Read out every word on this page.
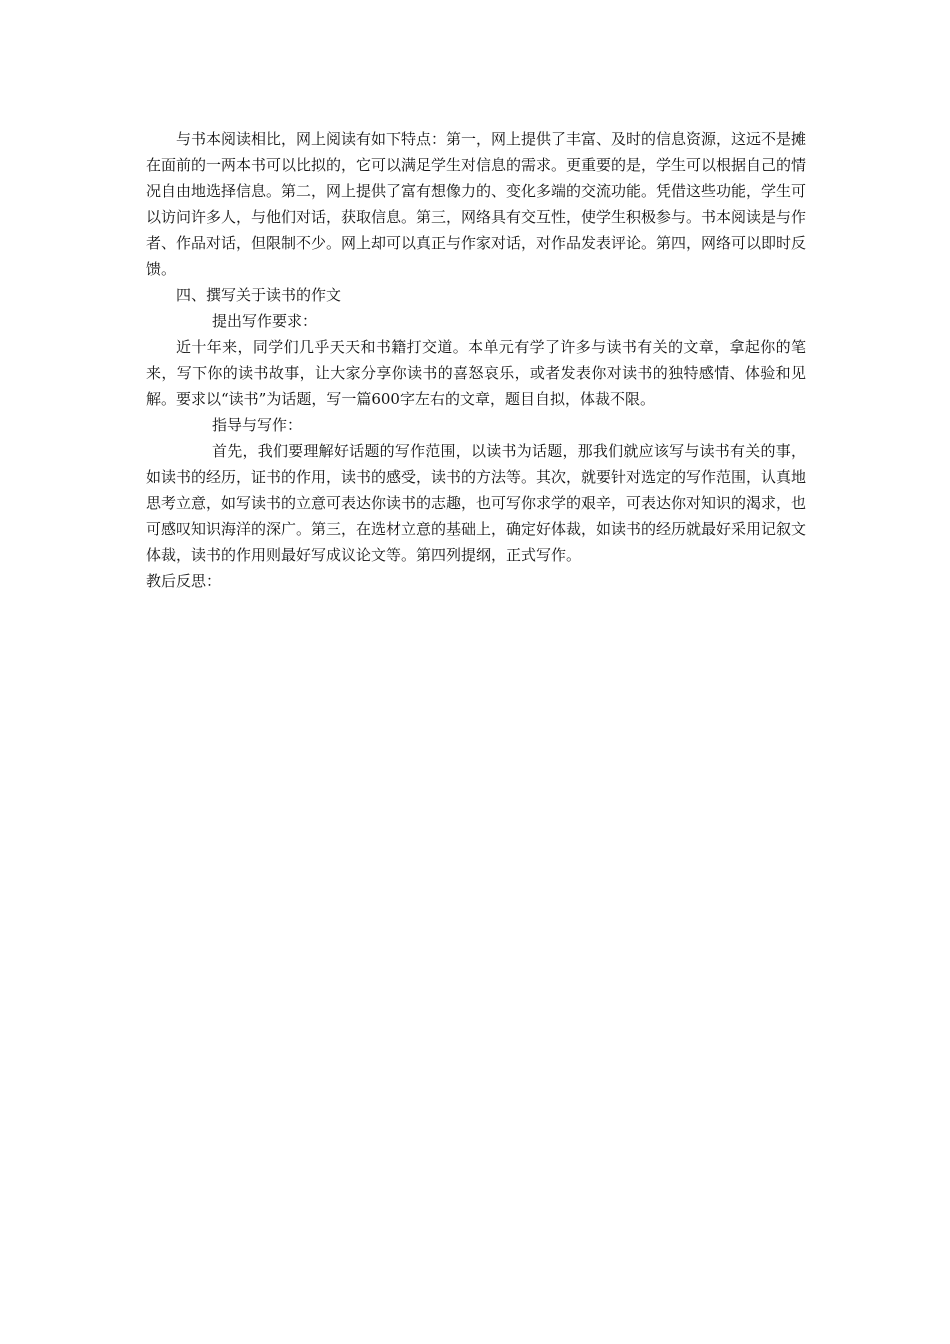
与书本阅读相比，网上阅读有如下特点：第一，网上提供了丰富、及时的信息资源，这远不是摊在面前的一两本书可以比拟的，它可以满足学生对信息的需求。更重要的是，学生可以根据自己的情况自由地选择信息。第二，网上提供了富有想像力的、变化多端的交流功能。凭借这些功能，学生可以访问许多人，与他们对话，获取信息。第三，网络具有交互性，使学生积极参与。书本阅读是与作者、作品对话，但限制不少。网上却可以真正与作家对话，对作品发表评论。第四，网络可以即时反馈。

四、撰写关于读书的作文

提出写作要求：

近十年来，同学们几乎天天和书籍打交道。本单元有学了许多与读书有关的文章，拿起你的笔来，写下你的读书故事，让大家分享你读书的喜怒哀乐，或者发表你对读书的独特感情、体验和见解。要求以“读书”为话题，写一篇600字左右的文章，题目自拟，体裁不限。

指导与写作：

首先，我们要理解好话题的写作范围，以读书为话题，那我们就应该写与读书有关的事，如读书的经历，证书的作用，读书的感受，读书的方法等。其次，就要针对选定的写作范围，认真地思考立意，如写读书的立意可表达你读书的志趣，也可写你求学的艰辛，可表达你对知识的渴求，也可感叹知识海洋的深广。第三，在选材立意的基础上，确定好体裁，如读书的经历就最好采用记叙文体裁，读书的作用则最好写成议论文等。第四列提纲，正式写作。

教后反思：
